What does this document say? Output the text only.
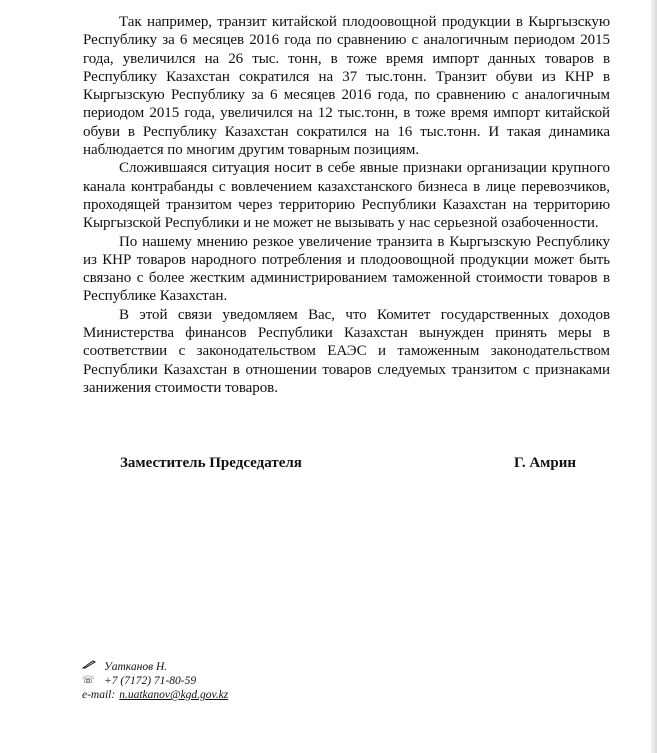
Так например, транзит китайской плодоовощной продукции в Кыргызскую Республику за 6 месяцев 2016 года по сравнению с аналогичным периодом 2015 года, увеличился на 26 тыс. тонн, в тоже время импорт данных товаров в Республику Казахстан сократился на 37 тыс.тонн. Транзит обуви из КНР в Кыргызскую Республику за 6 месяцев 2016 года, по сравнению с аналогичным периодом 2015 года, увеличился на 12 тыс.тонн, в тоже время импорт китайской обуви в Республику Казахстан сократился на 16 тыс.тонн. И такая динамика наблюдается по многим другим товарным позициям.

Сложившаяся ситуация носит в себе явные признаки организации крупного канала контрабанды с вовлечением казахстанского бизнеса в лице перевозчиков, проходящей транзитом через территорию Республики Казахстан на территорию Кыргызской Республики и не может не вызывать у нас серьезной озабоченности.

По нашему мнению резкое увеличение транзита в Кыргызскую Республику из КНР товаров народного потребления и плодоовощной продукции может быть связано с более жестким администрированием таможенной стоимости товаров в Республике Казахстан.

В этой связи уведомляем Вас, что Комитет государственных доходов Министерства финансов Республики Казахстан вынужден принять меры в соответствии с законодательством ЕАЭС и таможенным законодательством Республики Казахстан в отношении товаров следуемых транзитом с признаками занижения стоимости товаров.

Заместитель Председателя	Г. Амрин
Уатканов Н.
☏ +7 (7172) 71-80-59
e-mail: n.uatkanov@kgd.gov.kz
